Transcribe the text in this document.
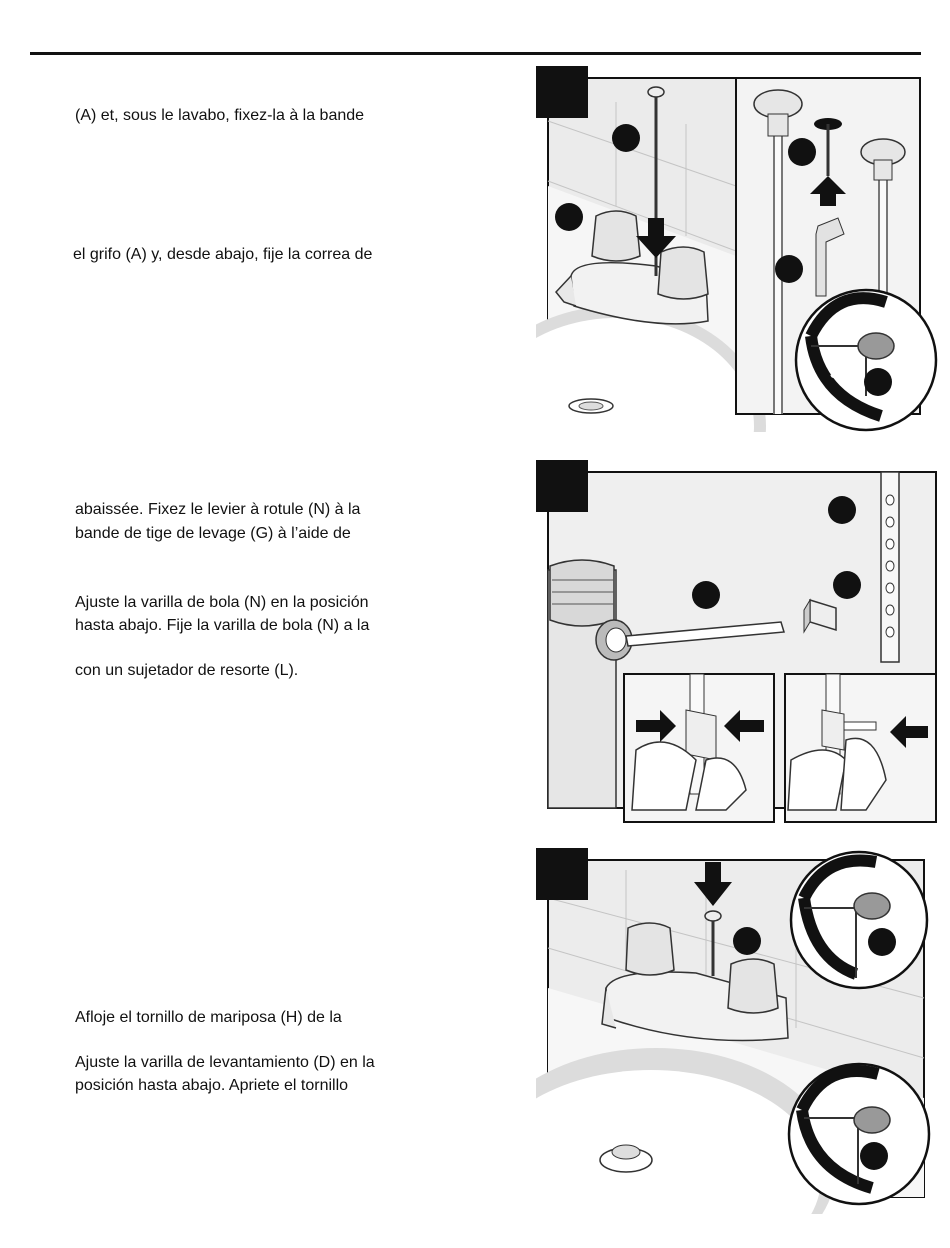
(A) et, sous le lavabo, fixez-la à la bande

el grifo (A) y, desde abajo, fije la correa de

abaissée. Fixez le levier à rotule (N) à la

bande de tige de levage (G) à l’aide de

Ajuste la varilla de bola (N) en la posición

hasta abajo. Fije la varilla de bola (N) a la

con un sujetador de resorte (L).

Afloje el tornillo de mariposa (H) de la

Ajuste la varilla de levantamiento (D) en la

posición hasta abajo. Apriete el tornillo

3
1
3
